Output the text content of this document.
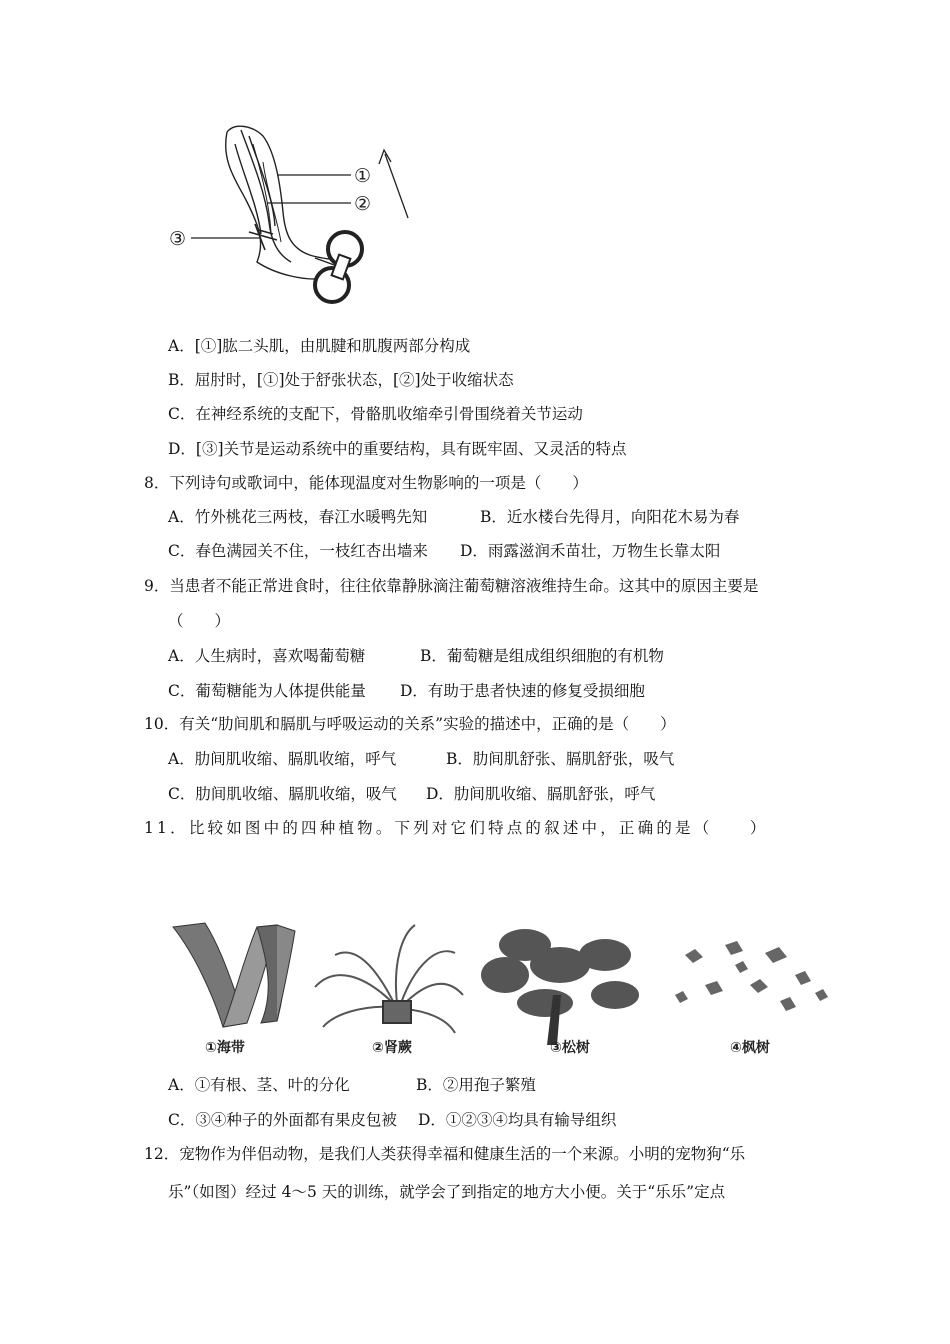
①
②
③
A．[①]肱二头肌，由肌腱和肌腹两部分构成
B．屈肘时，[①]处于舒张状态，[②]处于收缩状态
C．在神经系统的支配下，骨骼肌收缩牵引骨围绕着关节运动
D．[③]关节是运动系统中的重要结构，具有既牢固、又灵活的特点
8．下列诗句或歌词中，能体现温度对生物影响的一项是（　　）
A．竹外桃花三两枝，春江水暖鸭先知	B．近水楼台先得月，向阳花木易为春
C．春色满园关不住，一枝红杏出墙来 D．雨露滋润禾苗壮，万物生长靠太阳
9．当患者不能正常进食时，往往依靠静脉滴注葡萄糖溶液维持生命。这其中的原因主要是
（　　）
A．人生病时，喜欢喝葡萄糖	B．葡萄糖是组成组织细胞的有机物
C．葡萄糖能为人体提供能量 D．有助于患者快速的修复受损细胞
10．有关“肋间肌和膈肌与呼吸运动的关系”实验的描述中，正确的是（　　）
A．肋间肌收缩、膈肌收缩，呼气	B．肋间肌舒张、膈肌舒张，吸气
C．肋间肌收缩、膈肌收缩，吸气 D．肋间肌收缩、膈肌舒张，呼气
11．比较如图中的四种植物。下列对它们特点的叙述中，正确的是（　　）
①海带	②肾蕨	③松树	④枫树
A．①有根、茎、叶的分化	B．②用孢子繁殖
C．③④种子的外面都有果皮包被 D．①②③④均具有输导组织
12．宠物作为伴侣动物，是我们人类获得幸福和健康生活的一个来源。小明的宠物狗“乐
乐”（如图）经过 4～5 天的训练，就学会了到指定的地方大小便。关于“乐乐”定点
